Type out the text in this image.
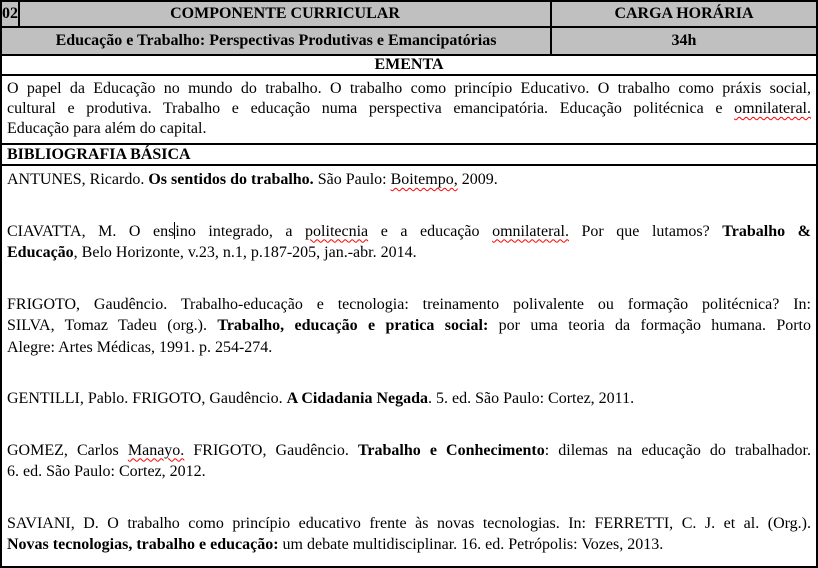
02	COMPONENTE CURRICULAR	CARGA HORÁRIA
Educação e Trabalho: Perspectivas Produtivas e Emancipatórias	34h
EMENTA
O papel da Educação no mundo do trabalho. O trabalho como princípio Educativo. O trabalho como práxis social,
cultural e produtiva. Trabalho e educação numa perspectiva emancipatória. Educação politécnica e omnilateral.
Educação para além do capital.
BIBLIOGRAFIA BÁSICA
ANTUNES, Ricardo. Os sentidos do trabalho. São Paulo: Boitempo, 2009.
CIAVATTA, M. O ensino integrado, a politecnia e a educação omnilateral. Por que lutamos? Trabalho &
Educação, Belo Horizonte, v.23, n.1, p.187-205, jan.-abr. 2014.
FRIGOTO, Gaudêncio. Trabalho-educação e tecnologia: treinamento polivalente ou formação politécnica? In:
SILVA, Tomaz Tadeu (org.). Trabalho, educação e pratica social: por uma teoria da formação humana. Porto
Alegre: Artes Médicas, 1991. p. 254-274.
GENTILLI, Pablo. FRIGOTO, Gaudêncio. A Cidadania Negada. 5. ed. São Paulo: Cortez, 2011.
GOMEZ, Carlos Manayo. FRIGOTO, Gaudêncio. Trabalho e Conhecimento: dilemas na educação do trabalhador.
6. ed. São Paulo: Cortez, 2012.
SAVIANI, D. O trabalho como princípio educativo frente às novas tecnologias. In: FERRETTI, C. J. et al. (Org.).
Novas tecnologias, trabalho e educação: um debate multidisciplinar. 16. ed. Petrópolis: Vozes, 2013.
